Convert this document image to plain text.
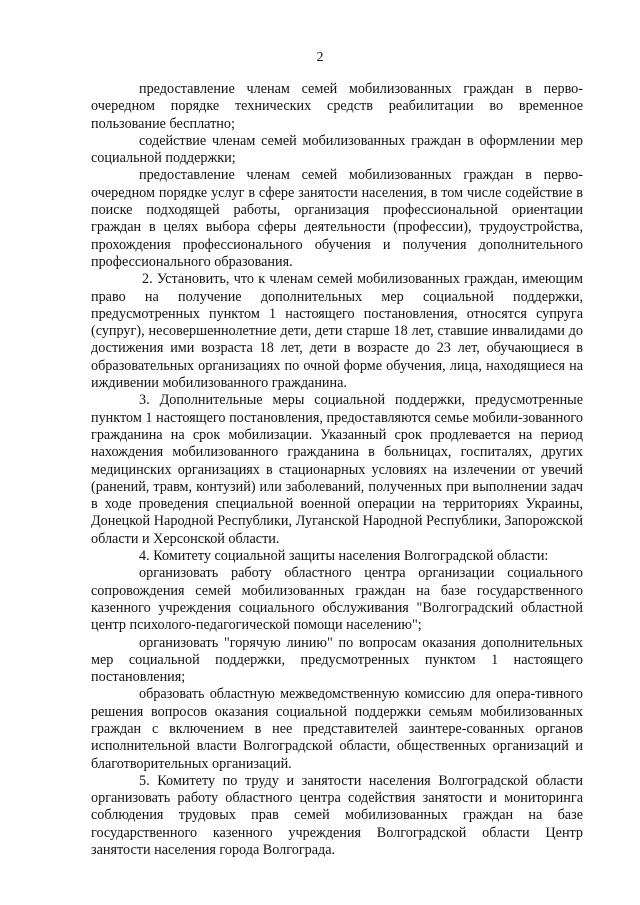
2

предоставление членам семей мобилизованных граждан в перво-очередном порядке технических средств реабилитации во временное пользование бесплатно;

содействие членам семей мобилизованных граждан в оформлении мер социальной поддержки;

предоставление членам семей мобилизованных граждан в перво-очередном порядке услуг в сфере занятости населения, в том числе содействие в поиске подходящей работы, организация профессиональной ориентации граждан в целях выбора сферы деятельности (профессии), трудоустройства, прохождения профессионального обучения и получения дополнительного профессионального образования.

2. Установить, что к членам семей мобилизованных граждан, имеющим право на получение дополнительных мер социальной поддержки, предусмотренных пунктом 1 настоящего постановления, относятся супруга (супруг), несовершеннолетние дети, дети старше 18 лет, ставшие инвалидами до достижения ими возраста 18 лет, дети в возрасте до 23 лет, обучающиеся в образовательных организациях по очной форме обучения, лица, находящиеся на иждивении мобилизованного гражданина.

3. Дополнительные меры социальной поддержки, предусмотренные пунктом 1 настоящего постановления, предоставляются семье мобили-зованного гражданина на срок мобилизации. Указанный срок продлевается на период нахождения мобилизованного гражданина в больницах, госпиталях, других медицинских организациях в стационарных условиях на излечении от увечий (ранений, травм, контузий) или заболеваний, полученных при выполнении задач в ходе проведения специальной военной операции на территориях Украины, Донецкой Народной Республики, Луганской Народной Республики, Запорожской области и Херсонской области.

4. Комитету социальной защиты населения Волгоградской области:

организовать работу областного центра организации социального сопровождения семей мобилизованных граждан на базе государственного казенного учреждения социального обслуживания "Волгоградский областной центр психолого-педагогической помощи населению";

организовать "горячую линию" по вопросам оказания дополнительных мер социальной поддержки, предусмотренных пунктом 1 настоящего постановления;

образовать областную межведомственную комиссию для опера-тивного решения вопросов оказания социальной поддержки семьям мобилизованных граждан с включением в нее представителей заинтере-сованных органов исполнительной власти Волгоградской области, общественных организаций и благотворительных организаций.

5. Комитету по труду и занятости населения Волгоградской области организовать работу областного центра содействия занятости и мониторинга соблюдения трудовых прав семей мобилизованных граждан на базе государственного казенного учреждения Волгоградской области Центр занятости населения города Волгограда.
